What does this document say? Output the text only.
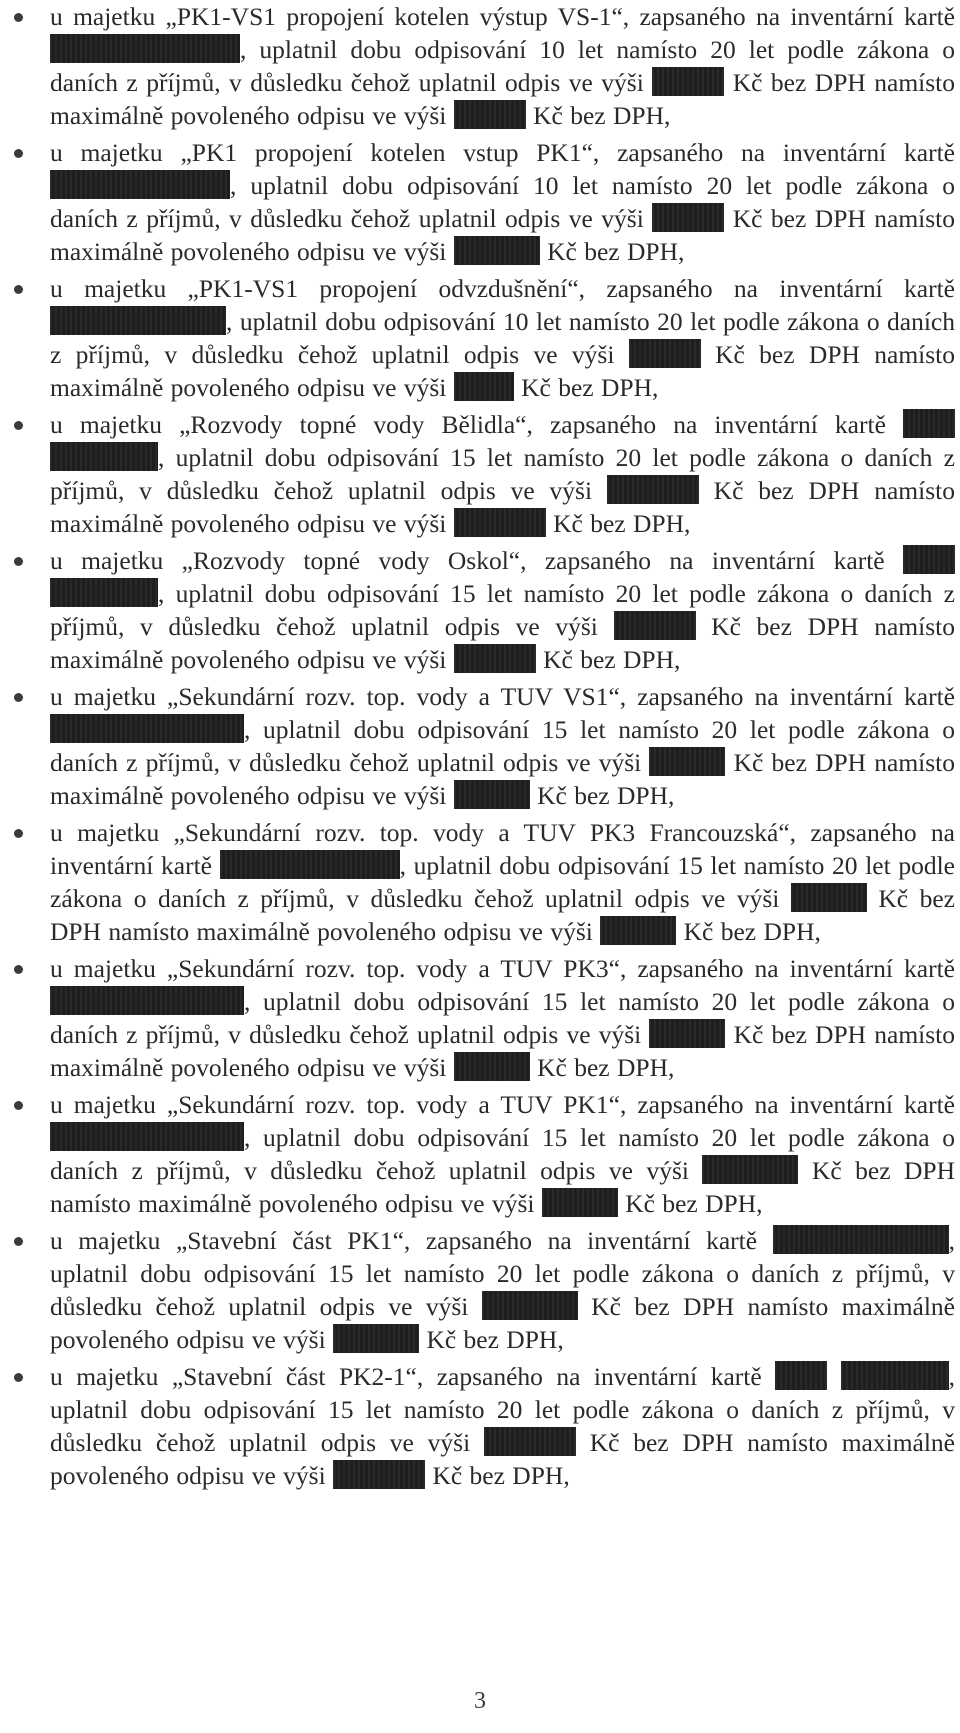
u majetku „PK1-VS1 propojení kotelen výstup VS-1“, zapsaného na inventární kartě , uplatnil dobu odpisování 10 let namísto 20 let podle zákona o daních z příjmů, v důsledku čehož uplatnil odpis ve výši	Kč bez DPH namísto maximálně povoleného odpisu ve výši	Kč bez DPH,
u majetku „PK1 propojení kotelen vstup PK1“, zapsaného na inventární kartě , uplatnil dobu odpisování 10 let namísto 20 let podle zákona o daních z příjmů, v důsledku čehož uplatnil odpis ve výši	Kč bez DPH namísto maximálně povoleného odpisu ve výši	Kč bez DPH,
u majetku „PK1-VS1 propojení odvzdušnění“, zapsaného na inventární kartě , uplatnil dobu odpisování 10 let namísto 20 let podle zákona o daních z příjmů, v důsledku čehož uplatnil odpis ve výši	Kč bez DPH namísto maximálně povoleného odpisu ve výši  Kč bez DPH,
u majetku „Rozvody topné vody Bělidla“, zapsaného na inventární kartě  , uplatnil dobu odpisování 15 let namísto 20 let podle zákona o daních z příjmů, v důsledku čehož uplatnil odpis ve výši	Kč bez DPH namísto maximálně povoleného odpisu ve výši	Kč bez DPH,
u majetku „Rozvody topné vody Oskol“, zapsaného na inventární kartě  , uplatnil dobu odpisování 15 let namísto 20 let podle zákona o daních z příjmů, v důsledku čehož uplatnil odpis ve výši	Kč bez DPH namísto maximálně povoleného odpisu ve výši	Kč bez DPH,
u majetku „Sekundární rozv. top. vody a TUV VS1“, zapsaného na inventární kartě , uplatnil dobu odpisování 15 let namísto 20 let podle zákona o daních z příjmů, v důsledku čehož uplatnil odpis ve výši	Kč bez DPH namísto maximálně povoleného odpisu ve výši	Kč bez DPH,
u majetku „Sekundární rozv. top. vody a TUV PK3 Francouzská“, zapsaného na inventární kartě	, uplatnil dobu odpisování 15 let namísto 20 let podle zákona o daních z příjmů, v důsledku čehož uplatnil odpis ve výši	Kč bez DPH namísto maximálně povoleného odpisu ve výši	Kč bez DPH,
u majetku „Sekundární rozv. top. vody a TUV PK3“, zapsaného na inventární kartě , uplatnil dobu odpisování 15 let namísto 20 let podle zákona o daních z příjmů, v důsledku čehož uplatnil odpis ve výši	Kč bez DPH namísto maximálně povoleného odpisu ve výši	Kč bez DPH,
u majetku „Sekundární rozv. top. vody a TUV PK1“, zapsaného na inventární kartě , uplatnil dobu odpisování 15 let namísto 20 let podle zákona o daních z příjmů, v důsledku čehož uplatnil odpis ve výši	Kč bez DPH namísto maximálně povoleného odpisu ve výši	Kč bez DPH,
u majetku „Stavební část PK1“, zapsaného na inventární kartě	, uplatnil dobu odpisování 15 let namísto 20 let podle zákona o daních z příjmů, v důsledku čehož uplatnil odpis ve výši	Kč bez DPH namísto maximálně povoleného odpisu ve výši	Kč bez DPH,
u majetku „Stavební část PK2-1“, zapsaného na inventární kartě	, uplatnil dobu odpisování 15 let namísto 20 let podle zákona o daních z příjmů, v důsledku čehož uplatnil odpis ve výši	Kč bez DPH namísto maximálně povoleného odpisu ve výši	Kč bez DPH,
3
